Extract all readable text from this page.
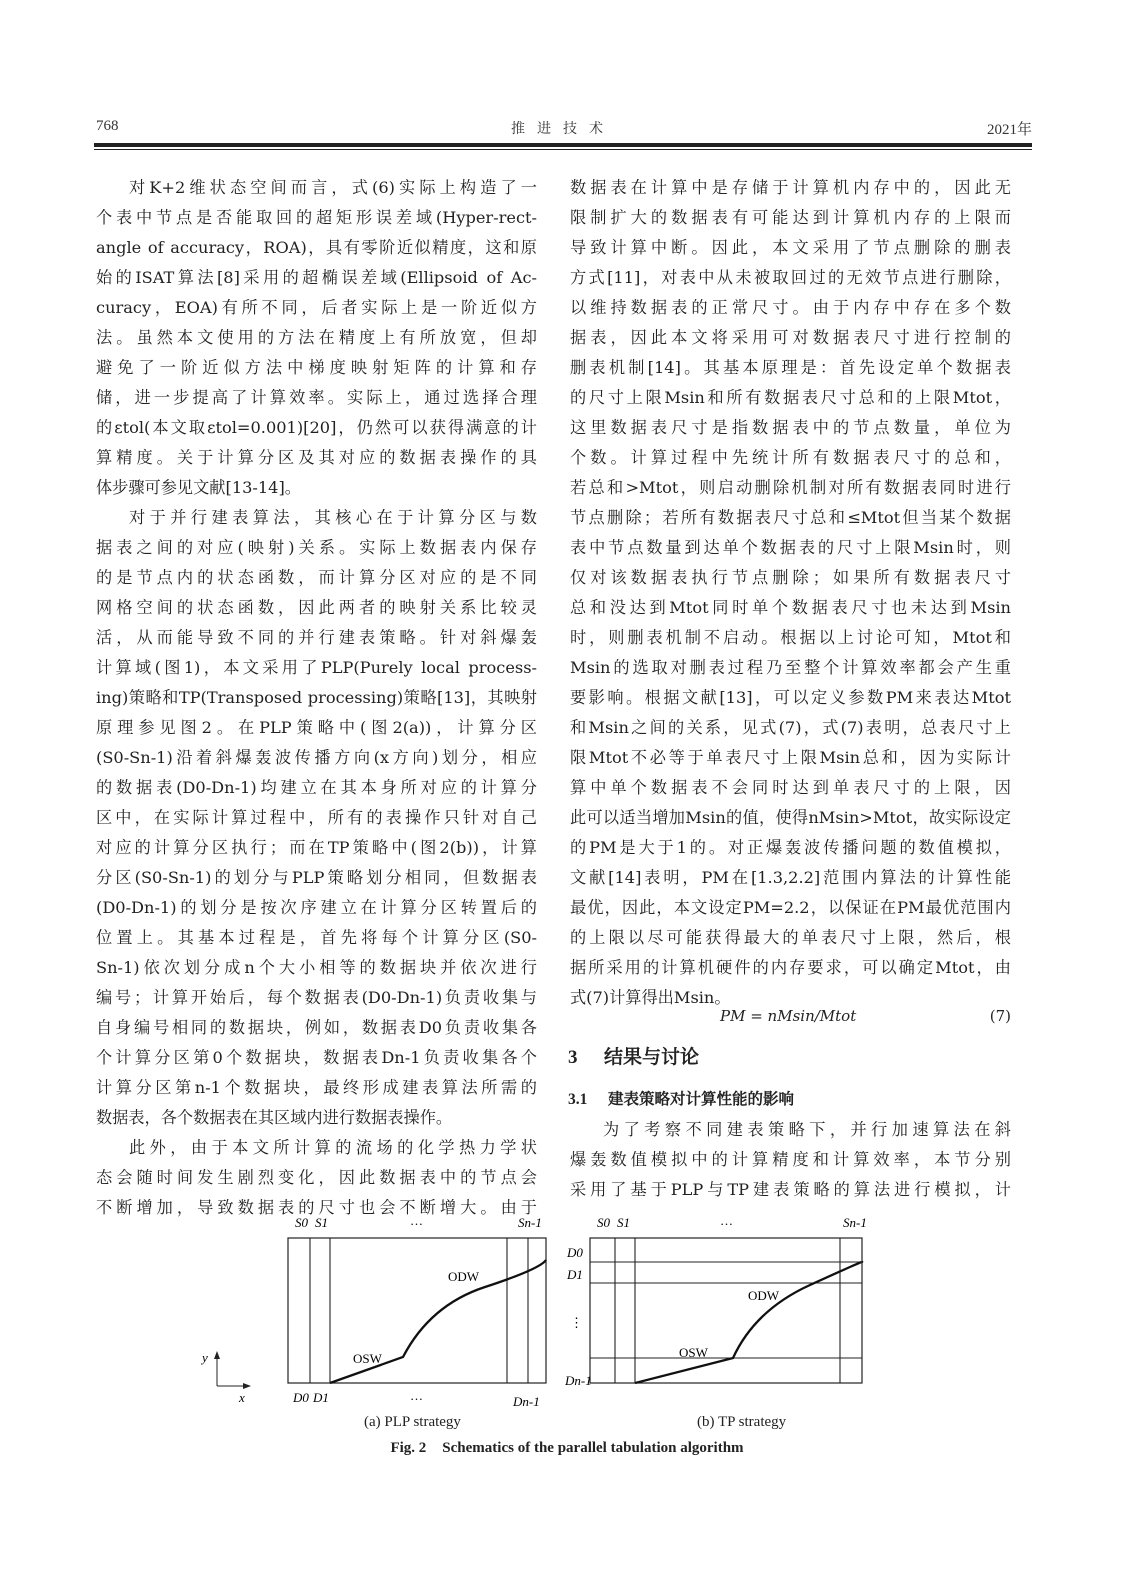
768	推进技术	2021年
对K+2维状态空间而言，式(6)实际上构造了一
个表中节点是否能取回的超矩形误差域(Hyper-rect-
angle of accuracy，ROA)，具有零阶近似精度，这和原
始的ISAT算法[8]采用的超椭误差域(Ellipsoid of Ac-
curacy，EOA)有所不同，后者实际上是一阶近似方
法。虽然本文使用的方法在精度上有所放宽，但却
避免了一阶近似方法中梯度映射矩阵的计算和存
储，进一步提高了计算效率。实际上，通过选择合理
的εtol(本文取εtol=0.001)[20]，仍然可以获得满意的计
算精度。关于计算分区及其对应的数据表操作的具
体步骤可参见文献[13-14]。
对于并行建表算法，其核心在于计算分区与数
据表之间的对应(映射)关系。实际上数据表内保存
的是节点内的状态函数，而计算分区对应的是不同
网格空间的状态函数，因此两者的映射关系比较灵
活，从而能导致不同的并行建表策略。针对斜爆轰
计算域(图1)，本文采用了PLP(Purely local process-
ing)策略和TP(Transposed processing)策略[13]，其映射
原理参见图2。在PLP策略中(图2(a))，计算分区
(S0-Sn-1)沿着斜爆轰波传播方向(x方向)划分，相应
的数据表(D0-Dn-1)均建立在其本身所对应的计算分
区中，在实际计算过程中，所有的表操作只针对自己
对应的计算分区执行；而在TP策略中(图2(b))，计算
分区(S0-Sn-1)的划分与PLP策略划分相同，但数据表
(D0-Dn-1)的划分是按次序建立在计算分区转置后的
位置上。其基本过程是，首先将每个计算分区(S0-
Sn-1)依次划分成n个大小相等的数据块并依次进行
编号；计算开始后，每个数据表(D0-Dn-1)负责收集与
自身编号相同的数据块，例如，数据表D0负责收集各
个计算分区第0个数据块，数据表Dn-1负责收集各个
计算分区第n-1个数据块，最终形成建表算法所需的
数据表，各个数据表在其区域内进行数据表操作。
此外，由于本文所计算的流场的化学热力学状
态会随时间发生剧烈变化，因此数据表中的节点会
不断增加，导致数据表的尺寸也会不断增大。由于
数据表在计算中是存储于计算机内存中的，因此无
限制扩大的数据表有可能达到计算机内存的上限而
导致计算中断。因此，本文采用了节点删除的删表
方式[11]，对表中从未被取回过的无效节点进行删除，
以维持数据表的正常尺寸。由于内存中存在多个数
据表，因此本文将采用可对数据表尺寸进行控制的
删表机制[14]。其基本原理是：首先设定单个数据表
的尺寸上限Msin和所有数据表尺寸总和的上限Mtot，
这里数据表尺寸是指数据表中的节点数量，单位为
个数。计算过程中先统计所有数据表尺寸的总和，
若总和>Mtot，则启动删除机制对所有数据表同时进行
节点删除；若所有数据表尺寸总和≤Mtot但当某个数据
表中节点数量到达单个数据表的尺寸上限Msin时，则
仅对该数据表执行节点删除；如果所有数据表尺寸
总和没达到Mtot同时单个数据表尺寸也未达到Msin
时，则删表机制不启动。根据以上讨论可知，Mtot和
Msin的选取对删表过程乃至整个计算效率都会产生重
要影响。根据文献[13]，可以定义参数PM来表达Mtot
和Msin之间的关系，见式(7)，式(7)表明，总表尺寸上
限Mtot不必等于单表尺寸上限Msin总和，因为实际计
算中单个数据表不会同时达到单表尺寸的上限，因
此可以适当增加Msin的值，使得nMsin>Mtot，故实际设定
的PM是大于1的。对正爆轰波传播问题的数值模拟，
文献[14]表明，PM在[1.3,2.2]范围内算法的计算性能
最优，因此，本文设定PM=2.2，以保证在PM最优范围内
的上限以尽可能获得最大的单表尺寸上限，然后，根
据所采用的计算机硬件的内存要求，可以确定Mtot，由
式(7)计算得出Msin。
PM = nMsin/Mtot	(7)
3 结果与讨论
3.1 建表策略对计算性能的影响
为了考察不同建表策略下，并行加速算法在斜
爆轰数值模拟中的计算精度和计算效率，本节分别
采用了基于PLP与TP建表策略的算法进行模拟，计
ODW
OSW
S0 S1	…	Sn-1
D0 D1	…	Dn-1
y
x
ODW
OSW
S0 S1	…	Sn-1
D0
D1
⋮
Dn-1
(a) PLP strategy	(b) TP strategy
Fig. 2 Schematics of the parallel tabulation algorithm
